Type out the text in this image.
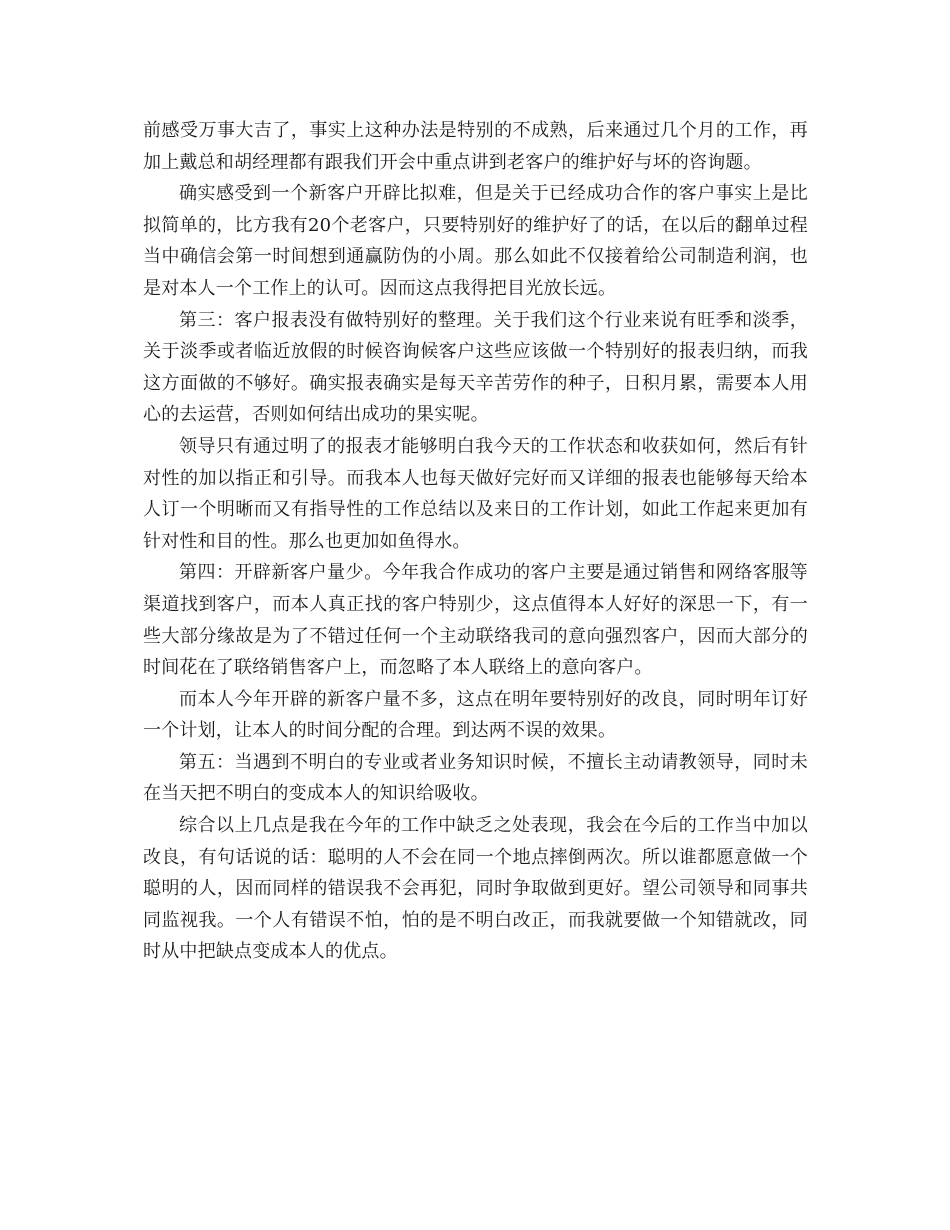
前感受万事大吉了，事实上这种办法是特别的不成熟，后来通过几个月的工作，再加上戴总和胡经理都有跟我们开会中重点讲到老客户的维护好与坏的咨询题。

确实感受到一个新客户开辟比拟难，但是关于已经成功合作的客户事实上是比拟简单的，比方我有20个老客户，只要特别好的维护好了的话，在以后的翻单过程当中确信会第一时间想到通赢防伪的小周。那么如此不仅接着给公司制造利润，也是对本人一个工作上的认可。因而这点我得把目光放长远。

第三：客户报表没有做特别好的整理。关于我们这个行业来说有旺季和淡季，关于淡季或者临近放假的时候咨询候客户这些应该做一个特别好的报表归纳，而我这方面做的不够好。确实报表确实是每天辛苦劳作的种子，日积月累，需要本人用心的去运营，否则如何结出成功的果实呢。

领导只有通过明了的报表才能够明白我今天的工作状态和收获如何，然后有针对性的加以指正和引导。而我本人也每天做好完好而又详细的报表也能够每天给本人订一个明晰而又有指导性的工作总结以及来日的工作计划，如此工作起来更加有针对性和目的性。那么也更加如鱼得水。

第四：开辟新客户量少。今年我合作成功的客户主要是通过销售和网络客服等渠道找到客户，而本人真正找的客户特别少，这点值得本人好好的深思一下，有一些大部分缘故是为了不错过任何一个主动联络我司的意向强烈客户，因而大部分的时间花在了联络销售客户上，而忽略了本人联络上的意向客户。

而本人今年开辟的新客户量不多，这点在明年要特别好的改良，同时明年订好一个计划，让本人的时间分配的合理。到达两不误的效果。

第五：当遇到不明白的专业或者业务知识时候，不擅长主动请教领导，同时未在当天把不明白的变成本人的知识给吸收。

综合以上几点是我在今年的工作中缺乏之处表现，我会在今后的工作当中加以改良，有句话说的话：聪明的人不会在同一个地点摔倒两次。所以谁都愿意做一个聪明的人，因而同样的错误我不会再犯，同时争取做到更好。望公司领导和同事共同监视我。一个人有错误不怕，怕的是不明白改正，而我就要做一个知错就改，同时从中把缺点变成本人的优点。
